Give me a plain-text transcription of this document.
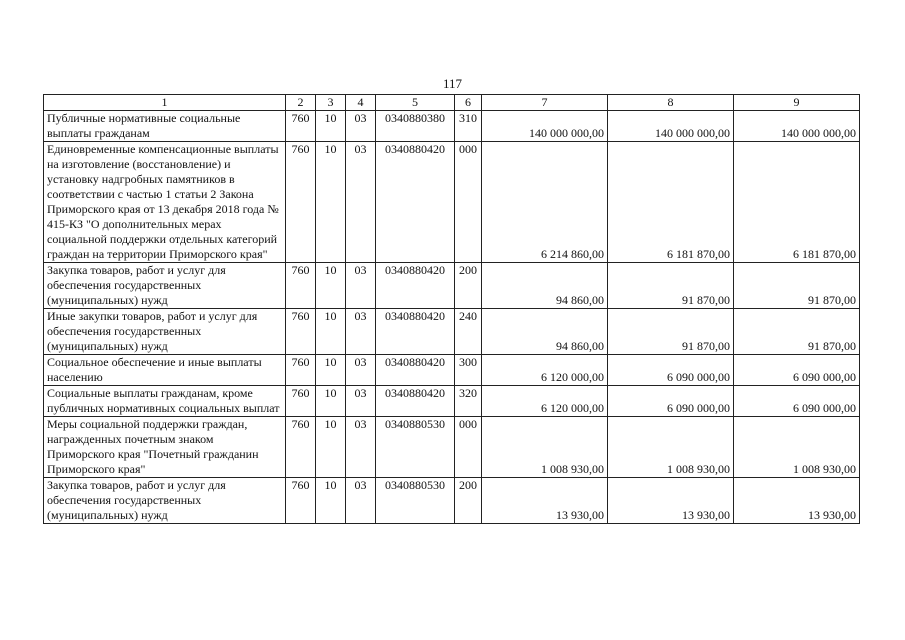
117
1	2	3	4	5	6	7	8	9
Публичные нормативные социальные выплаты гражданам	760	10	03	0340880380	310	140 000 000,00	140 000 000,00	140 000 000,00
Единовременные компенсационные выплаты на изготовление (восстановление) и установку надгробных памятников в соответствии с частью 1 статьи 2 Закона Приморского края от 13 декабря 2018 года № 415-КЗ "О дополнительных мерах социальной поддержки отдельных категорий граждан на территории Приморского края"	760	10	03	0340880420	000	6 214 860,00	6 181 870,00	6 181 870,00
Закупка товаров, работ и услуг для обеспечения государственных (муниципальных) нужд	760	10	03	0340880420	200	94 860,00	91 870,00	91 870,00
Иные закупки товаров, работ и услуг для обеспечения государственных (муниципальных) нужд	760	10	03	0340880420	240	94 860,00	91 870,00	91 870,00
Социальное обеспечение и иные выплаты населению	760	10	03	0340880420	300	6 120 000,00	6 090 000,00	6 090 000,00
Социальные выплаты гражданам, кроме публичных нормативных социальных выплат	760	10	03	0340880420	320	6 120 000,00	6 090 000,00	6 090 000,00
Меры социальной поддержки граждан, награжденных почетным знаком Приморского края "Почетный гражданин Приморского края"	760	10	03	0340880530	000	1 008 930,00	1 008 930,00	1 008 930,00
Закупка товаров, работ и услуг для обеспечения государственных (муниципальных) нужд	760	10	03	0340880530	200	13 930,00	13 930,00	13 930,00
